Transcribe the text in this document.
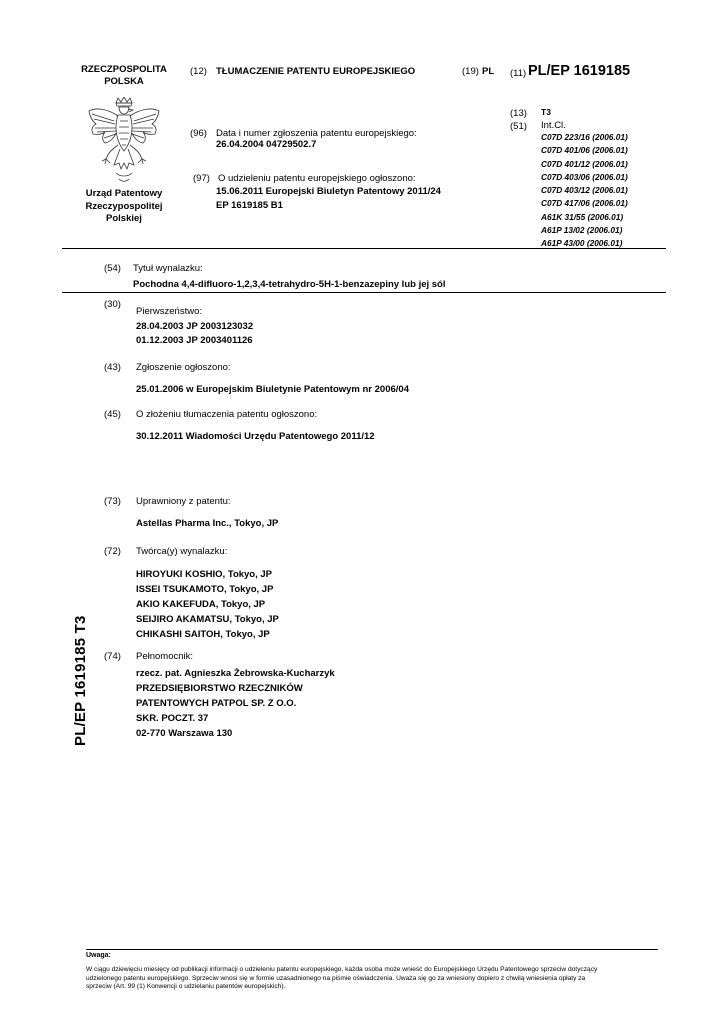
RZECZPOSPOLITA
POLSKA
Urząd Patentowy
Rzeczypospolitej
Polskiej
(12) TŁUMACZENIE PATENTU EUROPEJSKIEGO	(19) PL (11) PL/EP 1619185
(13) T3
(51) Int.Cl.
C07D 223/16 (2006.01)
C07D 401/06 (2006.01)
C07D 401/12 (2006.01)
C07D 403/06 (2006.01)
C07D 403/12 (2006.01)
C07D 417/06 (2006.01)
A61K 31/55 (2006.01)
A61P 13/02 (2006.01)
A61P 43/00 (2006.01)
(96) Data i numer zgłoszenia patentu europejskiego:
26.04.2004 04729502.7
(97) O udzieleniu patentu europejskiego ogłoszono:
15.06.2011 Europejski Biuletyn Patentowy 2011/24
EP 1619185 B1
(54) Tytuł wynalazku:
Pochodna 4,4-difluoro-1,2,3,4-tetrahydro-5H-1-benzazepiny lub jej sól
(30)
Pierwszeństwo:
28.04.2003 JP 2003123032
01.12.2003 JP 2003401126
(43) Zgłoszenie ogłoszono:
25.01.2006 w Europejskim Biuletynie Patentowym nr 2006/04
(45) O złożeniu tłumaczenia patentu ogłoszono:
30.12.2011 Wiadomości Urzędu Patentowego 2011/12
(73) Uprawniony z patentu:
Astellas Pharma Inc., Tokyo, JP
(72) Twórca(y) wynalazku:
HIROYUKI KOSHIO, Tokyo, JP
ISSEI TSUKAMOTO, Tokyo, JP
AKIO KAKEFUDA, Tokyo, JP
SEIJIRO AKAMATSU, Tokyo, JP
CHIKASHI SAITOH, Tokyo, JP
(74) Pełnomocnik:
rzecz. pat. Agnieszka Żebrowska-Kucharzyk
PRZEDSIĘBIORSTWO RZECZNIKÓW
PATENTOWYCH PATPOL SP. Z O.O.
SKR. POCZT. 37
02-770 Warszawa 130
PL/EP 1619185 T3
Uwaga:
W ciągu dziewięciu miesięcy od publikacji informacji o udzieleniu patentu europejskiego, każda osoba może wnieść do Europejskiego Urzędu Patentowego sprzeciw dotyczący
udzielonego patentu europejskiego. Sprzeciw wnosi się w formie uzasadnionego na piśmie oświadczenia. Uważa się go za wniesiony dopiero z chwilą wniesienia opłaty za
sprzeciw (Art. 99 (1) Konwencji o udzielaniu patentów europejskich).
